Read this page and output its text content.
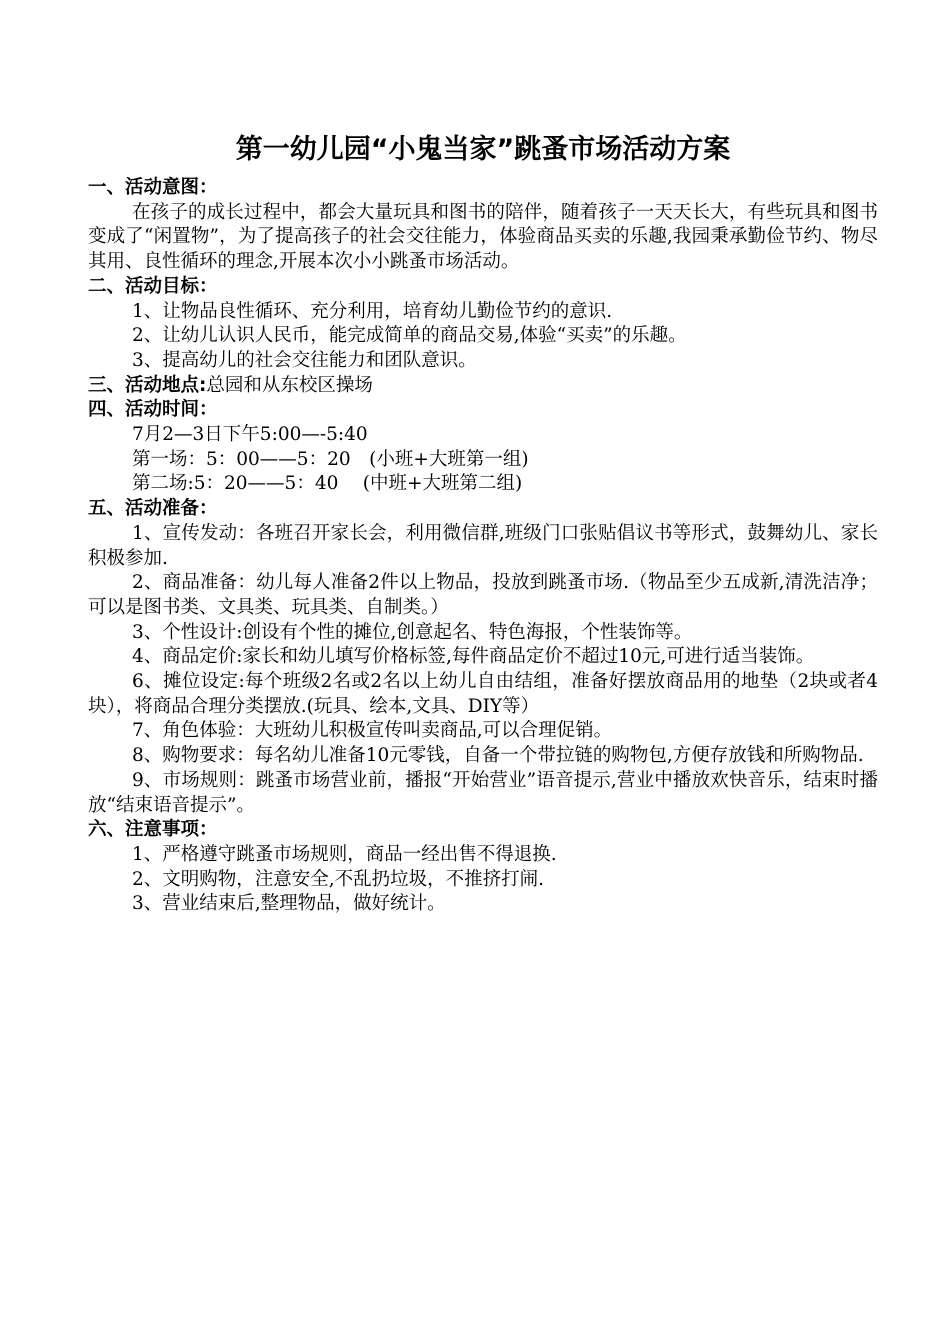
第一幼儿园“小鬼当家”跳蚤市场活动方案
一、活动意图：
在孩子的成长过程中，都会大量玩具和图书的陪伴，随着孩子一天天长大，有些玩具和图书变成了“闲置物”，为了提高孩子的社会交往能力，体验商品买卖的乐趣,我园秉承勤俭节约、物尽其用、良性循环的理念,开展本次小小跳蚤市场活动。
二、活动目标：
1、让物品良性循环、充分利用，培育幼儿勤俭节约的意识.
2、让幼儿认识人民币，能完成简单的商品交易,体验“买卖”的乐趣。
3、提高幼儿的社会交往能力和团队意识。
三、活动地点:总园和从东校区操场
四、活动时间：
7月2—3日下午5:00—-5:40
第一场：5：00——5：20　(小班+大班第一组)
第二场:5：20——5：40　 (中班+大班第二组)
五、活动准备：
1、宣传发动：各班召开家长会，利用微信群,班级门口张贴倡议书等形式，鼓舞幼儿、家长积极参加.
2、商品准备：幼儿每人准备2件以上物品，投放到跳蚤市场.（物品至少五成新,清洗洁净；可以是图书类、文具类、玩具类、自制类。）
3、个性设计:创设有个性的摊位,创意起名、特色海报，个性装饰等。
4、商品定价:家长和幼儿填写价格标签,每件商品定价不超过10元,可进行适当装饰。
6、摊位设定:每个班级2名或2名以上幼儿自由结组，准备好摆放商品用的地垫（2块或者4块），将商品合理分类摆放.(玩具、绘本,文具、DIY等）
7、角色体验：大班幼儿积极宣传叫卖商品,可以合理促销。
8、购物要求：每名幼儿准备10元零钱，自备一个带拉链的购物包,方便存放钱和所购物品.
9、市场规则：跳蚤市场营业前，播报“开始营业”语音提示,营业中播放欢快音乐，结束时播放“结束语音提示”。
六、注意事项：
1、严格遵守跳蚤市场规则，商品一经出售不得退换.
2、文明购物，注意安全,不乱扔垃圾，不推挤打闹.
3、营业结束后,整理物品，做好统计。
